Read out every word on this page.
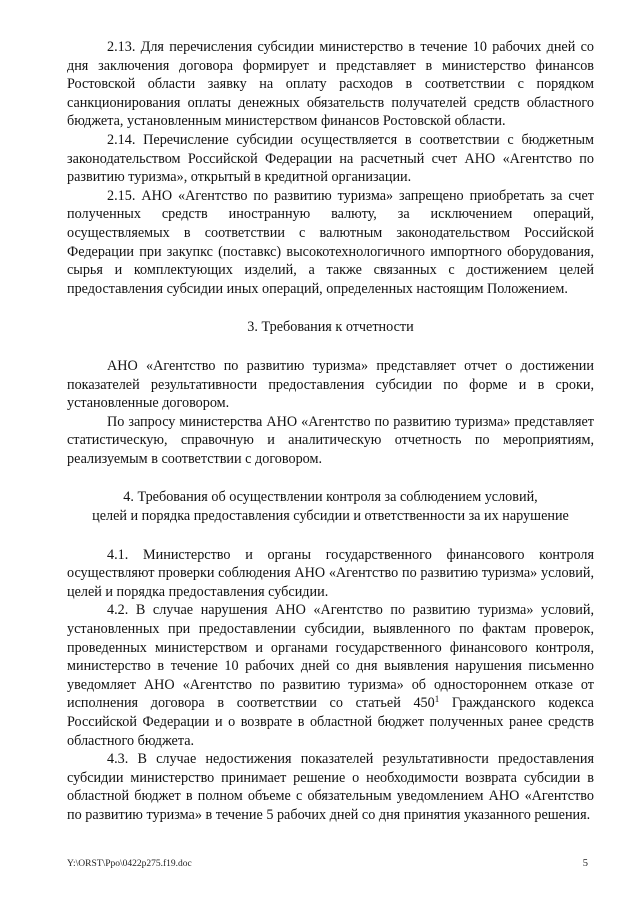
2.13. Для перечисления субсидии министерство в течение 10 рабочих дней со дня заключения договора формирует и представляет в министерство финансов Ростовской области заявку на оплату расходов в соответствии с порядком санкционирования оплаты денежных обязательств получателей средств областного бюджета, установленным министерством финансов Ростовской области.

2.14. Перечисление субсидии осуществляется в соответствии с бюджетным законодательством Российской Федерации на расчетный счет АНО «Агентство по развитию туризма», открытый в кредитной организации.

2.15. АНО «Агентство по развитию туризма» запрещено приобретать за счет полученных средств иностранную валюту, за исключением операций, осуществляемых в соответствии с валютным законодательством Российской Федерации при закупкс (поставкс) высокотехнологичного импортного оборудования, сырья и комплектующих изделий, а также связанных с достижением целей предоставления субсидии иных операций, определенных настоящим Положением.

3. Требования к отчетности

АНО «Агентство по развитию туризма» представляет отчет о достижении показателей результативности предоставления субсидии по форме и в сроки, установленные договором.

По запросу министерства АНО «Агентство по развитию туризма» представляет статистическую, справочную и аналитическую отчетность по мероприятиям, реализуемым в соответствии с договором.

4. Требования об осуществлении контроля за соблюдением условий,

целей и порядка предоставления субсидии и ответственности за их нарушение

4.1. Министерство и органы государственного финансового контроля осуществляют проверки соблюдения АНО «Агентство по развитию туризма» условий, целей и порядка предоставления субсидии.

4.2. В случае нарушения АНО «Агентство по развитию туризма» условий, установленных при предоставлении субсидии, выявленного по фактам проверок, проведенных министерством и органами государственного финансового контроля, министерство в течение 10 рабочих дней со дня выявления нарушения письменно уведомляет АНО «Агентство по развитию туризма» об одностороннем отказе от исполнения договора в соответствии со статьей $450^1$ Гражданского кодекса Российской Федерации и о возврате в областной бюджет полученных ранее средств областного бюджета.

4.3. В случае недостижения показателей результативности предоставления субсидии министерство принимает решение о необходимости возврата субсидии в областной бюджет в полном объеме с обязательным уведомлением АНО «Агентство по развитию туризма» в течение 5 рабочих дней со дня принятия указанного решения.

Y:\ORST\Ppo\0422p275.f19.doc	5
